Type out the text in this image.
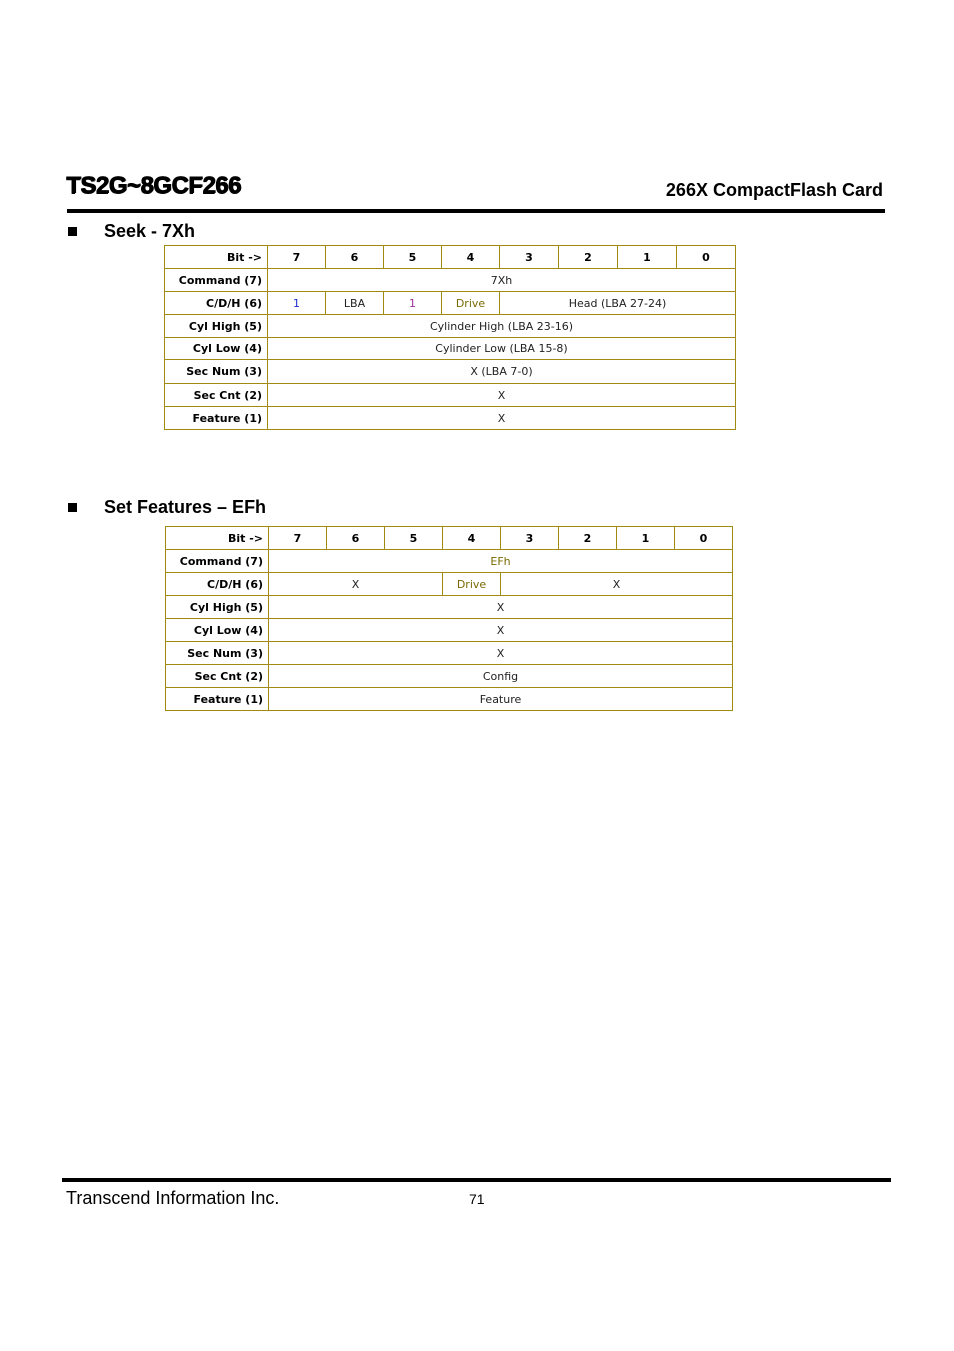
TS2G~8GCF266	266X CompactFlash Card
Seek - 7Xh
Bit ->	7	6	5	4	3	2	1	0
Command (7)	7Xh							
C/D/H (6)	1	LBA	1	Drive	Head (LBA 27-24)			
Cyl High (5)	Cylinder High (LBA 23-16)							
Cyl Low (4)	Cylinder Low (LBA 15-8)							
Sec Num (3)	X (LBA 7-0)							
Sec Cnt (2)	X							
Feature (1)	X							
Set Features – EFh
Bit ->	7	6	5	4	3	2	1	0
Command (7)	EFh							
C/D/H (6)	X			Drive	X			
Cyl High (5)	X							
Cyl Low (4)	X							
Sec Num (3)	X							
Sec Cnt (2)	Config							
Feature (1)	Feature							
Transcend Information Inc.	71
